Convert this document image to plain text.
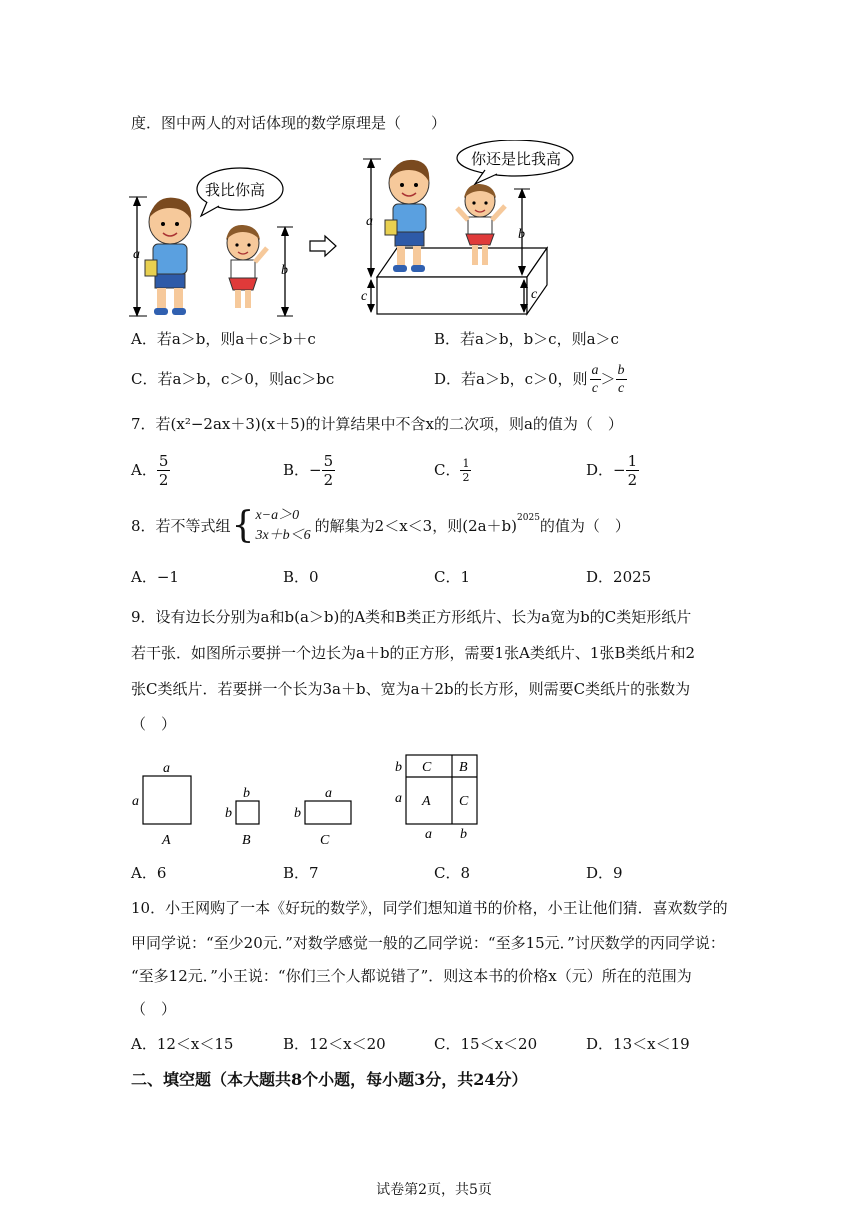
度．图中两人的对话体现的数学原理是（　　）
a
我比你高
b
a
c
你还是比我高
b
c
A．若a＞b，则a＋c＞b＋c	B．若a＞b，b＞c，则a＞c
C．若a＞b，c＞0，则ac＞bc	D．若a＞b，c＞0，则 $\frac{a}{c} > \frac{b}{c}$
7．若(x²−2ax＋3)(x＋5)的计算结果中不含x的二次项，则a的值为（　）
A． $\frac{5}{2}$	B． − $\frac{5}{2}$	C． $\frac{1}{2}$	D． − $\frac{1}{2}$
8．若不等式组 { x−a＞0
3x＋b＜6
的解集为2＜x＜3，则(2a＋b) 2025 的值为（　）
A．−1	B．0	C．1	D．2025
9．设有边长分别为a和b(a＞b)的A类和B类正方形纸片、长为a宽为b的C类矩形纸片
若干张．如图所示要拼一个边长为a＋b的正方形，需要1张A类纸片、1张B类纸片和2
张C类纸片．若要拼一个长为3a＋b、宽为a＋2b的长方形，则需要C类纸片的张数为
（　）
a
a
A
b
b
B
a
b
C
b
a
C B
A C
a b
A．6	B．7	C．8	D．9
10．小王网购了一本《好玩的数学》，同学们想知道书的价格，小王让他们猜．喜欢数学的
甲同学说：“至少20元．”对数学感觉一般的乙同学说：“至多15元．”讨厌数学的丙同学说：
“至多12元．”小王说：“你们三个人都说错了”．则这本书的价格x（元）所在的范围为
（　）
A．12＜x＜15	B．12＜x＜20	C．15＜x＜20	D．13＜x＜19
二、填空题（本大题共8个小题，每小题3分，共24分）
试卷第2页，共5页
